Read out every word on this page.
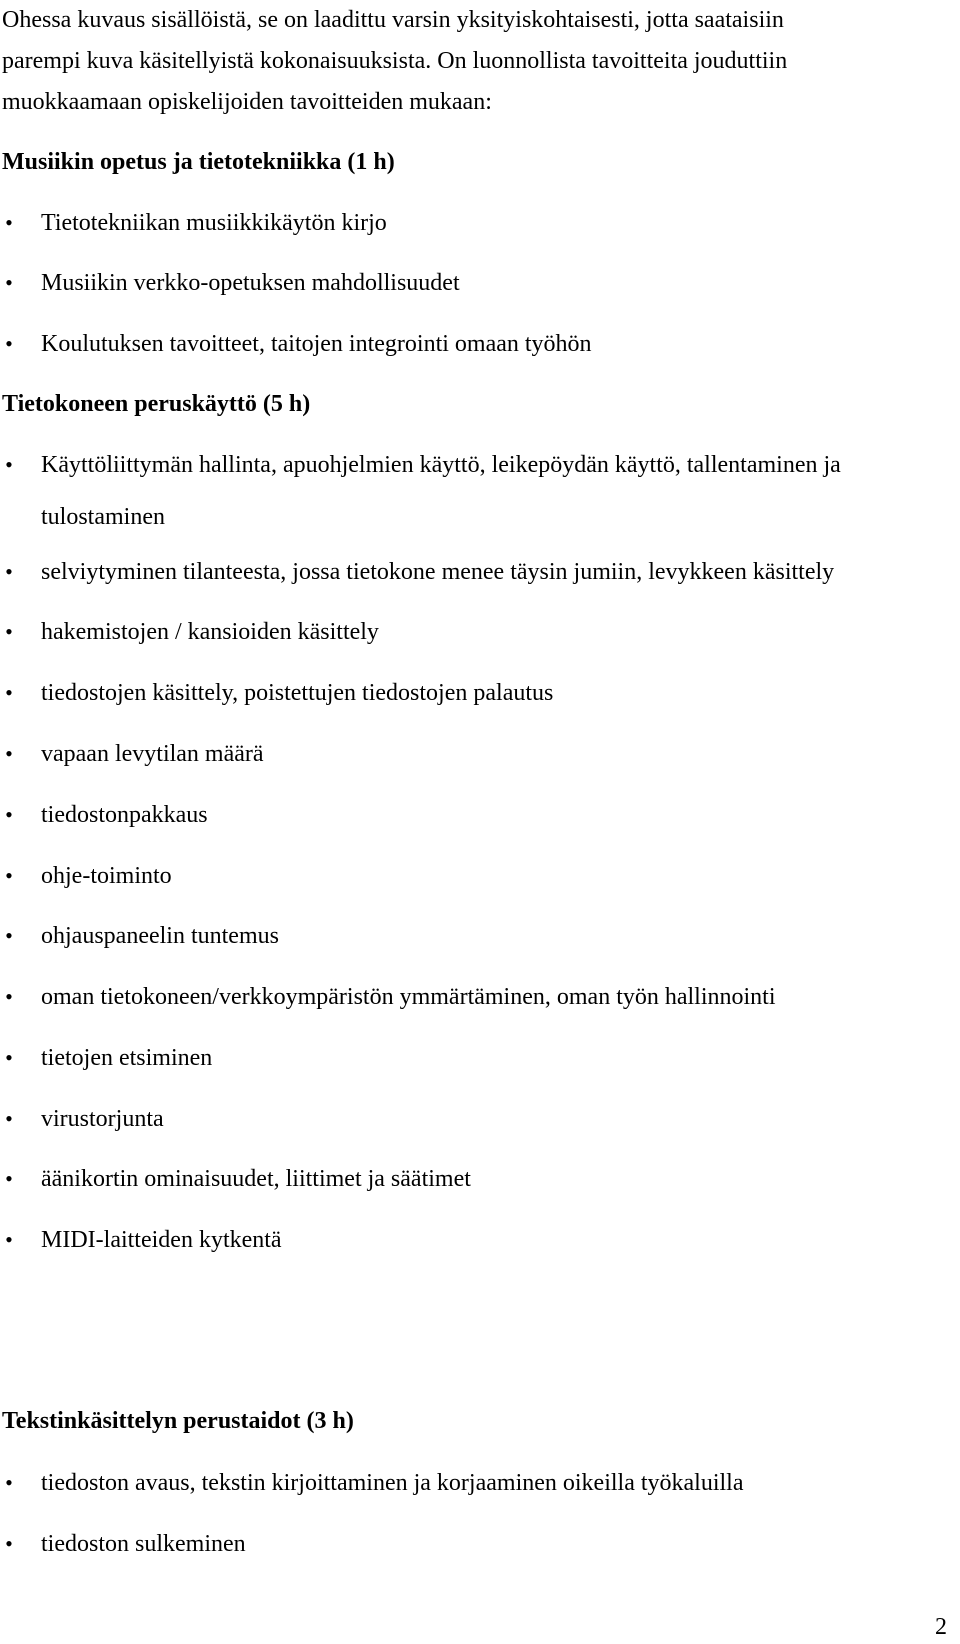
Ohessa kuvaus sisällöistä, se on laadittu varsin yksityiskohtaisesti, jotta saataisiin
parempi kuva käsitellyistä kokonaisuuksista. On luonnollista tavoitteita jouduttiin
muokkaamaan opiskelijoiden tavoitteiden mukaan:
Musiikin opetus ja tietotekniikka (1 h)
• Tietotekniikan musiikkikäytön kirjo
• Musiikin verkko-opetuksen mahdollisuudet
• Koulutuksen tavoitteet, taitojen integrointi omaan työhön
Tietokoneen peruskäyttö (5 h)
• Käyttöliittymän hallinta, apuohjelmien käyttö, leikepöydän käyttö, tallentaminen ja tulostaminen
• selviytyminen tilanteesta, jossa tietokone menee täysin jumiin, levykkeen käsittely
• hakemistojen / kansioiden käsittely
• tiedostojen käsittely, poistettujen tiedostojen palautus
• vapaan levytilan määrä
• tiedostonpakkaus
• ohje-toiminto
• ohjauspaneelin tuntemus
• oman tietokoneen/verkkoympäristön ymmärtäminen, oman työn hallinnointi
• tietojen etsiminen
• virustorjunta
• äänikortin ominaisuudet, liittimet ja säätimet
• MIDI-laitteiden kytkentä
Tekstinkäsittelyn perustaidot (3 h)
• tiedoston avaus, tekstin kirjoittaminen ja korjaaminen oikeilla työkaluilla
• tiedoston sulkeminen
2
